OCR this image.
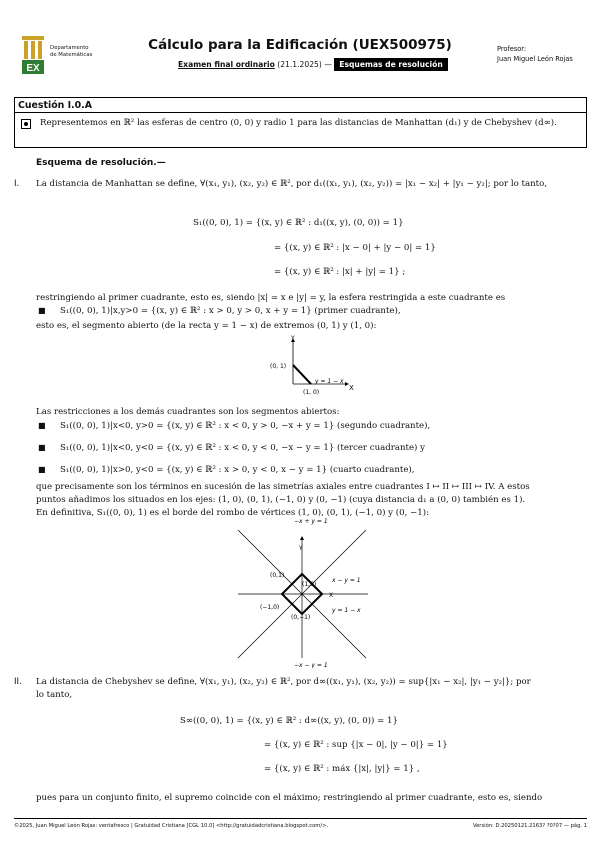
EX
Departamento
de Matemáticas
Cálculo para la Edificación (UEX500975)
Examen final ordinario (21.1.2025) — Esquemas de resolución
Profesor:
Juan Miguel León Rojas
Cuestión I.0.A
Representemos en ℝ² las esferas de centro (0, 0) y radio 1 para las distancias de Manhattan (d₁) y de Chebyshev (d∞).
Esquema de resolución.—
I. La distancia de Manhattan se define, ∀(x₁, y₁), (x₂, y₂) ∈ ℝ², por d₁((x₁, y₁), (x₂, y₂)) = |x₁ − x₂| + |y₁ − y₂|; por lo tanto,
S₁((0, 0), 1) = {(x, y) ∈ ℝ² : d₁((x, y), (0, 0)) = 1}
= {(x, y) ∈ ℝ² : |x − 0| + |y − 0| = 1}
= {(x, y) ∈ ℝ² : |x| + |y| = 1} ;
restringiendo al primer cuadrante, esto es, siendo |x| = x e |y| = y, la esfera restringida a este cuadrante es
■ S₁((0, 0), 1)|x,y>0 = {(x, y) ∈ ℝ² : x > 0, y > 0, x + y = 1} (primer cuadrante),
esto es, el segmento abierto (de la recta y = 1 − x) de extremos (0, 1) y (1, 0):
Y
X
(0, 1)
(1, 0)
y = 1 − x
Las restricciones a los demás cuadrantes son los segmentos abiertos:
■ S₁((0, 0), 1)|x<0, y>0 = {(x, y) ∈ ℝ² : x < 0, y > 0, −x + y = 1} (segundo cuadrante),
■ S₁((0, 0), 1)|x<0, y<0 = {(x, y) ∈ ℝ² : x < 0, y < 0, −x − y = 1} (tercer cuadrante) y
■ S₁((0, 0), 1)|x>0, y<0 = {(x, y) ∈ ℝ² : x > 0, y < 0, x − y = 1} (cuarto cuadrante),
que precisamente son los términos en sucesión de las simetrías axiales entre cuadrantes I ↦ II ↦ III ↦ IV. A estos
puntos añadimos los situados en los ejes: (1, 0), (0, 1), (−1, 0) y (0, −1) (cuya distancia d₁ a (0, 0) también es 1).
En definitiva, S₁((0, 0), 1) es el borde del rombo de vértices (1, 0), (0, 1), (−1, 0) y (0, −1):
−x + y = 1
−x − y = 1
Y
X
(0,1)
(1,0)
(−1,0)
(0,−1)
x − y = 1
y = 1 − x
II. La distancia de Chebyshev se define, ∀(x₁, y₁), (x₂, y₂) ∈ ℝ², por d∞((x₁, y₁), (x₂, y₂)) = sup{|x₁ − x₂|, |y₁ − y₂|}; por
lo tanto,
S∞((0, 0), 1) = {(x, y) ∈ ℝ² : d∞((x, y), (0, 0)) = 1}
= {(x, y) ∈ ℝ² : sup {|x − 0|, |y − 0|} = 1}
= {(x, y) ∈ ℝ² : máx {|x|, |y|} = 1} ,
pues para un conjunto finito, el supremo coincide con el máximo; restringiendo al primer cuadrante, esto es, siendo
©2025, Juan Miguel León Rojas: ventafresco | Gratuidad Cristiana [CGL 10.0] <http://gratuidadcristiana.blogspot.com/>.	Versión: D.20250121.2163? ?0?07 — pág. 1
